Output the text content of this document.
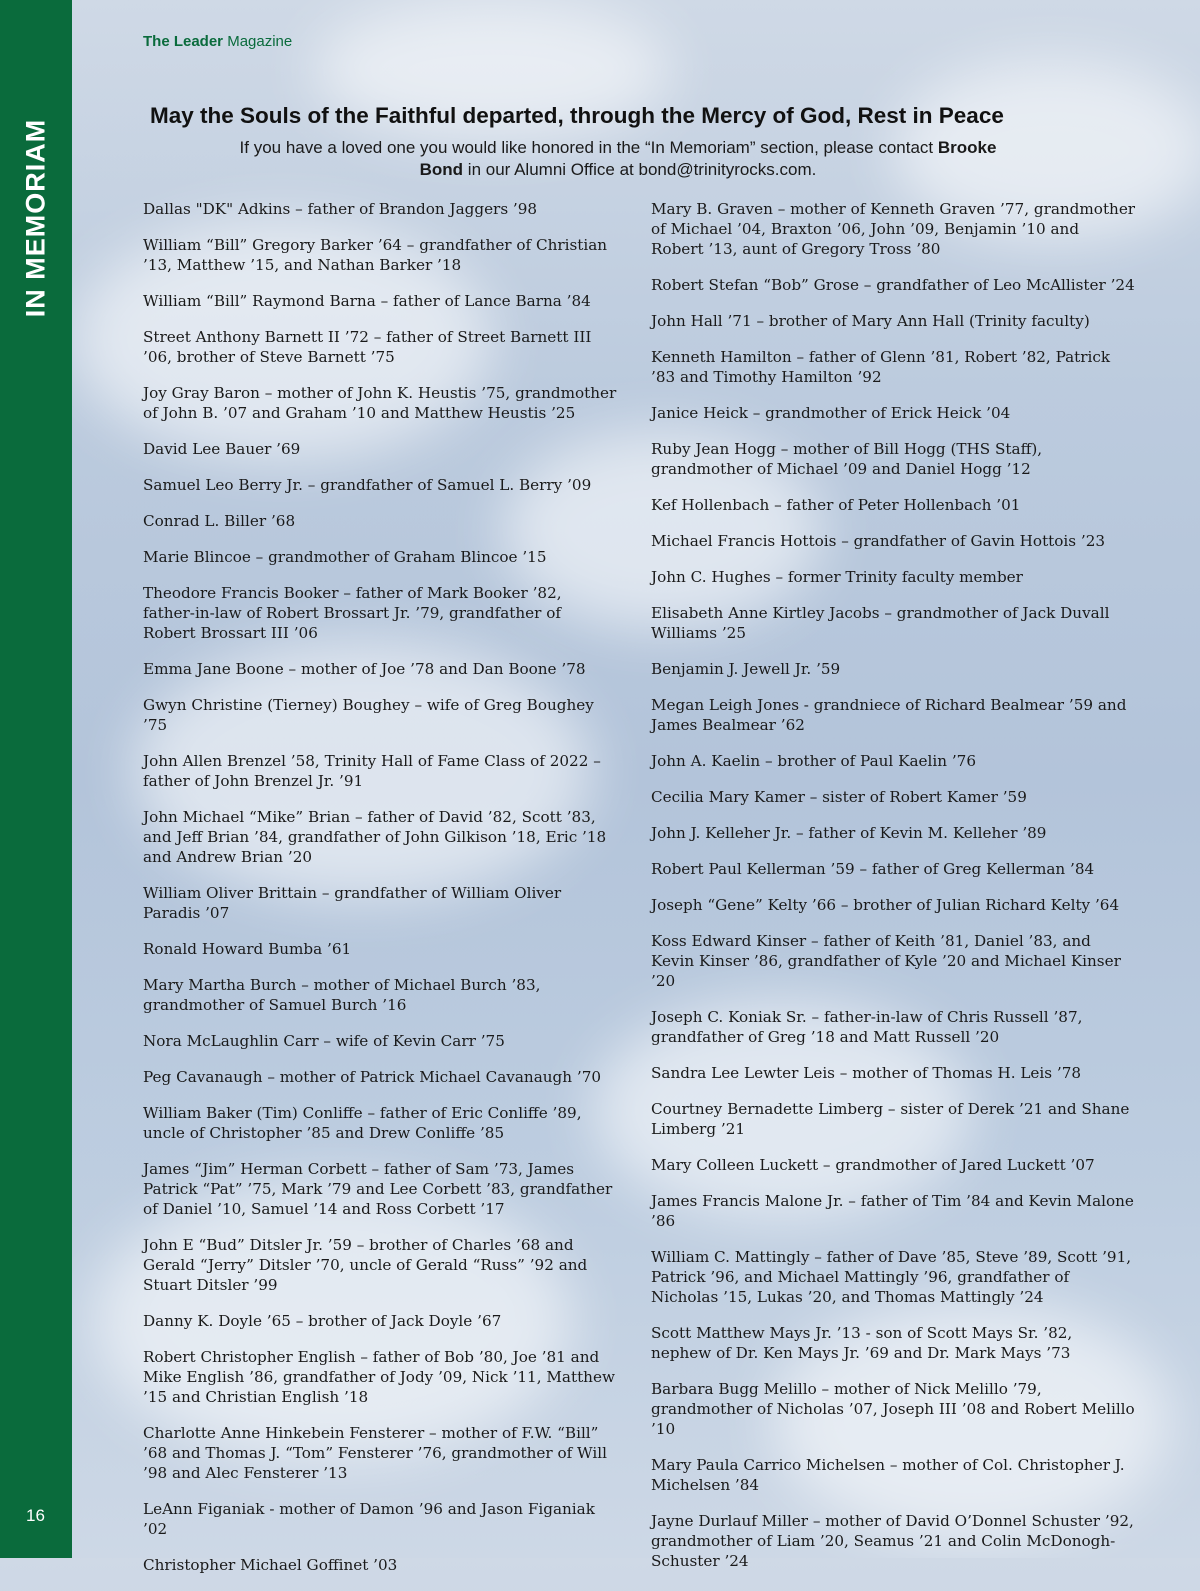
IN MEMORIAM
16
The Leader Magazine
May the Souls of the Faithful departed, through the Mercy of God, Rest in Peace
If you have a loved one you would like honored in the “In Memoriam” section, please contact Brooke Bond in our Alumni Office at bond@trinityrocks.com.
Dallas "DK" Adkins – father of Brandon Jaggers ’98
William “Bill” Gregory Barker ’64 – grandfather of Christian ’13, Matthew ’15, and Nathan Barker ’18
William “Bill” Raymond Barna – father of Lance Barna ’84
Street Anthony Barnett II ’72 – father of Street Barnett III ’06, brother of Steve Barnett ’75
Joy Gray Baron – mother of John K. Heustis ’75, grandmother of John B. ’07 and Graham ’10 and Matthew Heustis ’25
David Lee Bauer ’69
Samuel Leo Berry Jr. – grandfather of Samuel L. Berry ’09
Conrad L. Biller ’68
Marie Blincoe – grandmother of Graham Blincoe ’15
Theodore Francis Booker – father of Mark Booker ’82, father-in-law of Robert Brossart Jr. ’79, grandfather of Robert Brossart III ’06
Emma Jane Boone – mother of Joe ’78 and Dan Boone ’78
Gwyn Christine (Tierney) Boughey – wife of Greg Boughey ’75
John Allen Brenzel ’58, Trinity Hall of Fame Class of 2022 – father of John Brenzel Jr. ’91
John Michael “Mike” Brian – father of David ’82, Scott ’83, and Jeff Brian ’84, grandfather of John Gilkison ’18, Eric ’18 and Andrew Brian ’20
William Oliver Brittain – grandfather of William Oliver Paradis ’07
Ronald Howard Bumba ’61
Mary Martha Burch – mother of Michael Burch ’83, grandmother of Samuel Burch ’16
Nora McLaughlin Carr – wife of Kevin Carr ’75
Peg Cavanaugh – mother of Patrick Michael Cavanaugh ’70
William Baker (Tim) Conliffe – father of Eric Conliffe ’89, uncle of Christopher ’85 and Drew Conliffe ’85
James “Jim” Herman Corbett – father of Sam ’73, James Patrick “Pat” ’75, Mark ’79 and Lee Corbett ’83, grandfather of Daniel ’10, Samuel ’14 and Ross Corbett ’17
John E “Bud” Ditsler Jr. ’59 – brother of Charles ’68 and Gerald “Jerry” Ditsler ’70, uncle of Gerald “Russ” ’92 and Stuart Ditsler ’99
Danny K. Doyle ’65 – brother of Jack Doyle ’67
Robert Christopher English – father of Bob ’80, Joe ’81 and Mike English ’86, grandfather of Jody ’09, Nick ’11, Matthew ’15 and Christian English ’18
Charlotte Anne Hinkebein Fensterer – mother of F.W. “Bill” ’68 and Thomas J. “Tom” Fensterer ’76, grandmother of Will ’98 and Alec Fensterer ’13
LeAnn Figaniak - mother of Damon ’96 and Jason Figaniak ’02
Christopher Michael Goffinet ’03
Mary B. Graven – mother of Kenneth Graven ’77, grandmother of Michael ’04, Braxton ’06, John ’09, Benjamin ’10 and Robert ’13, aunt of Gregory Tross ’80
Robert Stefan “Bob” Grose – grandfather of Leo McAllister ’24
John Hall ’71 – brother of Mary Ann Hall (Trinity faculty)
Kenneth Hamilton – father of Glenn ’81, Robert ’82, Patrick ’83 and Timothy Hamilton ’92
Janice Heick – grandmother of Erick Heick ’04
Ruby Jean Hogg – mother of Bill Hogg (THS Staff), grandmother of Michael ’09 and Daniel Hogg ’12
Kef Hollenbach – father of Peter Hollenbach ’01
Michael Francis Hottois – grandfather of Gavin Hottois ’23
John C. Hughes – former Trinity faculty member
Elisabeth Anne Kirtley Jacobs – grandmother of Jack Duvall Williams ’25
Benjamin J. Jewell Jr. ’59
Megan Leigh Jones - grandniece of Richard Bealmear ’59 and James Bealmear ’62
John A. Kaelin – brother of Paul Kaelin ’76
Cecilia Mary Kamer – sister of Robert Kamer ’59
John J. Kelleher Jr. – father of Kevin M. Kelleher ’89
Robert Paul Kellerman ’59 – father of Greg Kellerman ’84
Joseph “Gene” Kelty ’66 – brother of Julian Richard Kelty ’64
Koss Edward Kinser – father of Keith ’81, Daniel ’83, and Kevin Kinser ’86, grandfather of Kyle ’20 and Michael Kinser ’20
Joseph C. Koniak Sr. – father-in-law of Chris Russell ’87, grandfather of Greg ’18 and Matt Russell ’20
Sandra Lee Lewter Leis – mother of Thomas H. Leis ’78
Courtney Bernadette Limberg – sister of Derek ’21 and Shane Limberg ’21
Mary Colleen Luckett – grandmother of Jared Luckett ’07
James Francis Malone Jr. – father of Tim ’84 and Kevin Malone ’86
William C. Mattingly – father of Dave ’85, Steve ’89, Scott ’91, Patrick ’96, and Michael Mattingly ’96, grandfather of Nicholas ’15, Lukas ’20, and Thomas Mattingly ’24
Scott Matthew Mays Jr. ’13 - son of Scott Mays Sr. ’82, nephew of Dr. Ken Mays Jr. ’69 and Dr. Mark Mays ’73
Barbara Bugg Melillo – mother of Nick Melillo ’79, grandmother of Nicholas ’07, Joseph III ’08 and Robert Melillo ’10
Mary Paula Carrico Michelsen – mother of Col. Christopher J. Michelsen ’84
Jayne Durlauf Miller – mother of David O’Donnel Schuster ’92, grandmother of Liam ’20, Seamus ’21 and Colin McDonogh-Schuster ’24
